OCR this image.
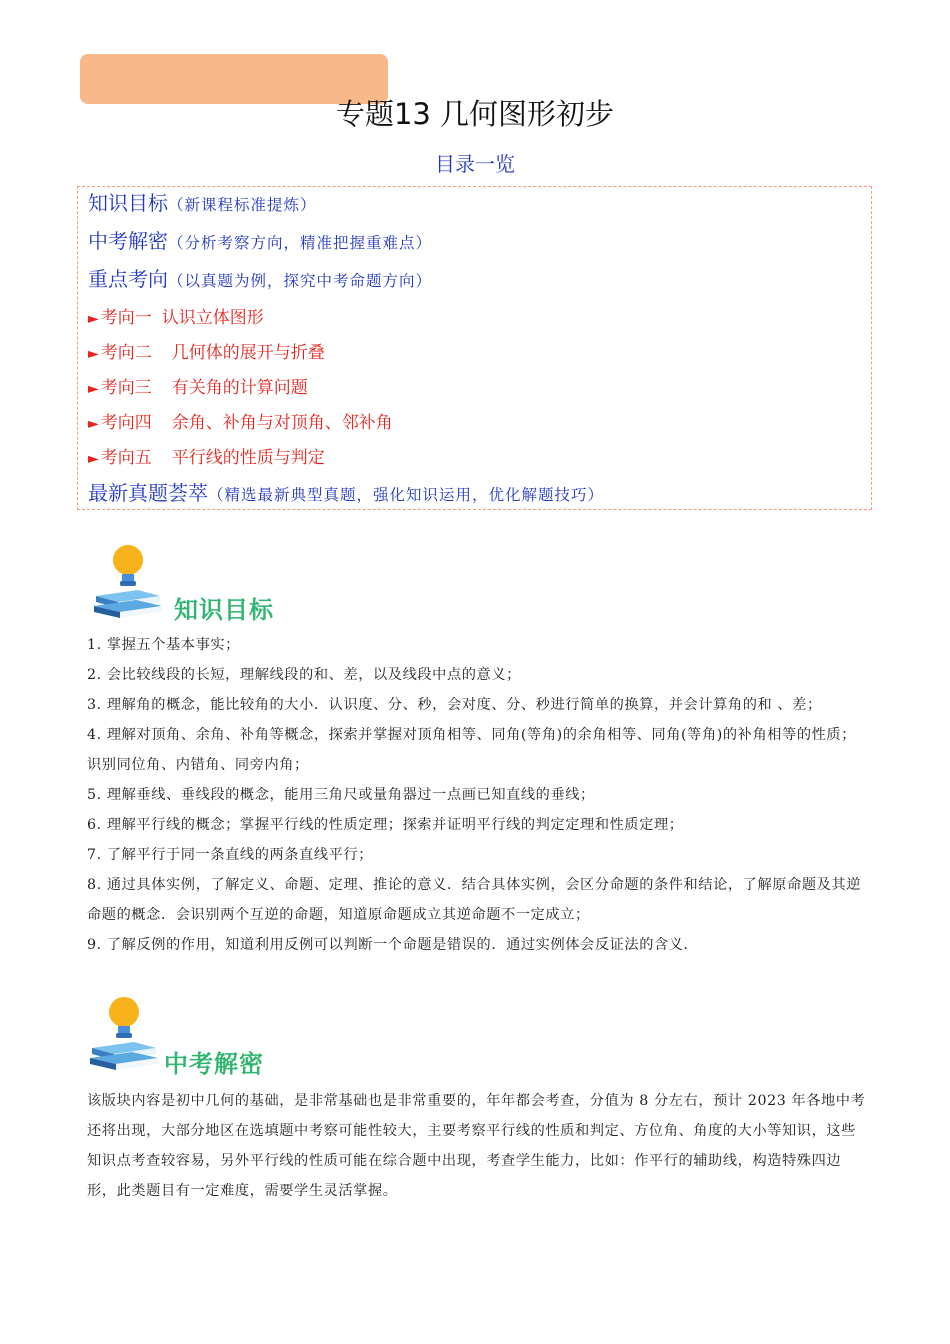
专题13 几何图形初步
目录一览
知识目标（新课程标准提炼）
中考解密（分析考察方向，精准把握重难点）
重点考向（以真题为例，探究中考命题方向）
► 考向一 认识立体图形
► 考向二 几何体的展开与折叠
► 考向三 有关角的计算问题
► 考向四 余角、补角与对顶角、邻补角
► 考向五 平行线的性质与判定
最新真题荟萃（精选最新典型真题，强化知识运用，优化解题技巧）
知识目标

1. 掌握五个基本事实；

2. 会比较线段的长短，理解线段的和、差，以及线段中点的意义；

3. 理解角的概念，能比较角的大小．认识度、分、秒，会对度、分、秒进行简单的换算，并会计算角的和 、差；

4. 理解对顶角、余角、补角等概念，探索并掌握对顶角相等、同角(等角)的余角相等、同角(等角)的补角相等的性质；识别同位角、内错角、同旁内角；

5. 理解垂线、垂线段的概念，能用三角尺或量角器过一点画已知直线的垂线；

6. 理解平行线的概念；掌握平行线的性质定理；探索并证明平行线的判定定理和性质定理；

7. 了解平行于同一条直线的两条直线平行；

8. 通过具体实例，了解定义、命题、定理、推论的意义．结合具体实例，会区分命题的条件和结论，了解原命题及其逆命题的概念．会识别两个互逆的命题，知道原命题成立其逆命题不一定成立；

9. 了解反例的作用，知道利用反例可以判断一个命题是错误的．通过实例体会反证法的含义．

中考解密

该版块内容是初中几何的基础，是非常基础也是非常重要的，年年都会考查，分值为 8 分左右，预计 2023 年各地中考还将出现，大部分地区在选填题中考察可能性较大，主要考察平行线的性质和判定、方位角、角度的大小等知识，这些知识点考查较容易，另外平行线的性质可能在综合题中出现，考查学生能力，比如：作平行的辅助线，构造特殊四边形，此类题目有一定难度，需要学生灵活掌握。
